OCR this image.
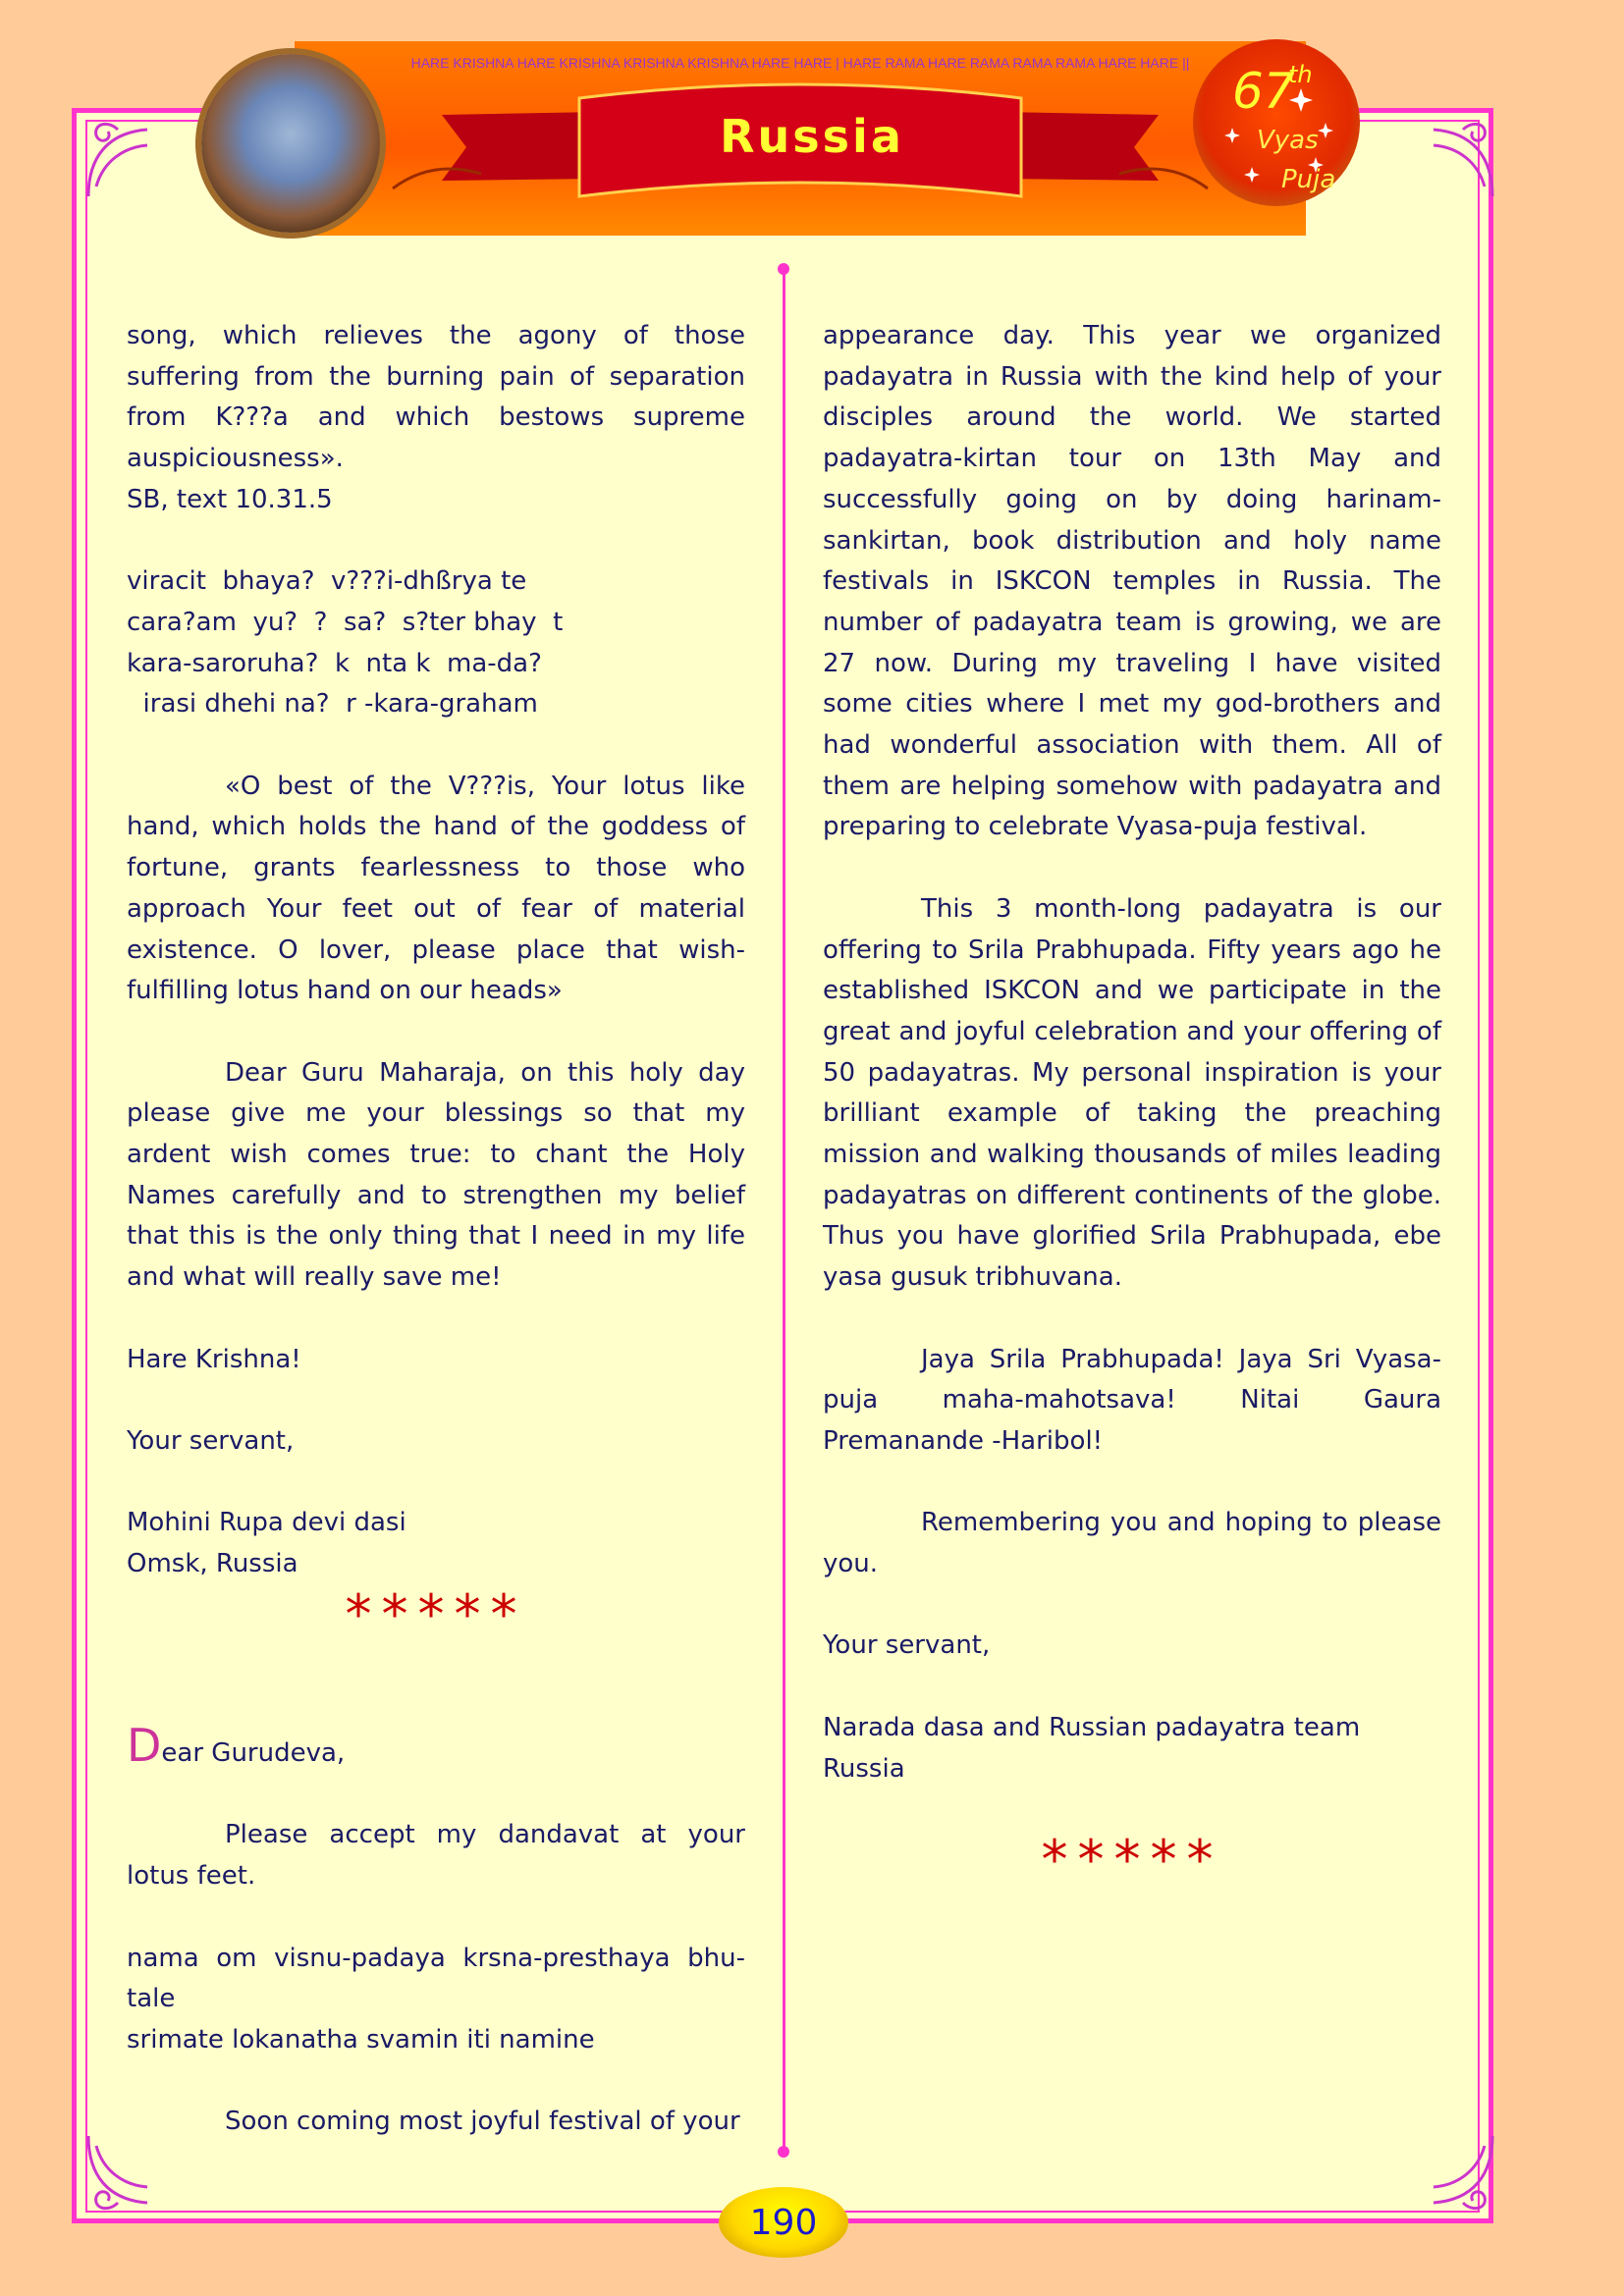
HARE KRISHNA HARE KRISHNA KRISHNA KRISHNA HARE HARE | HARE RAMA HARE RAMA RAMA RAMA HARE HARE ||
Russia
67
th
Vyas
Puja

song, which relieves the agony of those suffering from the burning pain of separation from K???a and which bestows supreme auspiciousness».

SB, text 10.31.5

viracit  bhaya?  v???i-dhßrya te

cara?am  yu?  ?  sa?  s?ter bhay  t

kara-saroruha?  k  nta k  ma-da?

irasi dhehi na?  r -kara-graham

«O best of the V???is, Your lotus like hand, which holds the hand of the goddess of fortune, grants fearlessness to those who approach Your feet out of fear of material existence. O lover, please place that wish-fulfilling lotus hand on our heads»

Dear Guru Maharaja, on this holy day please give me your blessings so that my ardent wish comes true: to chant the Holy Names carefully and to strengthen my belief that this is the only thing that I need in my life and what will really save me!

Hare Krishna!

Your servant,

Mohini Rupa devi dasi

Omsk, Russia

*****

Dear Gurudeva,

Please accept my dandavat at your lotus feet.

nama om visnu-padaya krsna-presthaya bhu-tale

srimate lokanatha svamin iti namine

Soon coming most joyful festival of your

appearance day. This year we organized padayatra in Russia with the kind help of your disciples around the world. We started padayatra-kirtan tour on 13th May and successfully going on by doing harinam-sankirtan, book distribution and holy name festivals in ISKCON temples in Russia. The number of padayatra team is growing, we are 27 now. During my traveling I have visited some cities where I met my god-brothers and had wonderful association with them. All of them are helping somehow with padayatra and preparing to celebrate Vyasa-puja festival.

This 3 month-long padayatra is our offering to Srila Prabhupada. Fifty years ago he established ISKCON and we participate in the great and joyful celebration and your offering of 50 padayatras. My personal inspiration is your brilliant example of taking the preaching mission and walking thousands of miles leading padayatras on different continents of the globe. Thus you have glorified Srila Prabhupada, ebe yasa gusuk tribhuvana.

Jaya Srila Prabhupada! Jaya Sri Vyasa-puja maha-mahotsava! Nitai Gaura Premanande -Haribol!

Remembering you and hoping to please you.

Your servant,

Narada dasa and Russian padayatra team

Russia

*****
190
